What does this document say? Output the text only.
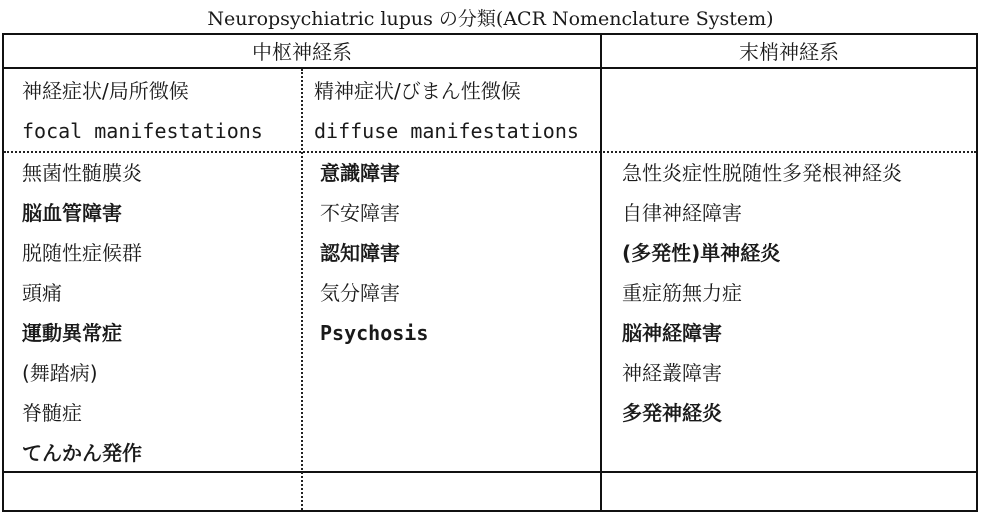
Neuropsychiatric lupus の分類(ACR Nomenclature System)
中枢神経系	末梢神経系
神経症状/局所徴候
focal manifestations
精神症状/びまん性徴候
diffuse manifestations
無菌性髄膜炎
脳血管障害
脱随性症候群
頭痛
運動異常症
(舞踏病)
脊髄症
てんかん発作
意識障害
不安障害
認知障害
気分障害
Psychosis
急性炎症性脱随性多発根神経炎
自律神経障害
(多発性)単神経炎
重症筋無力症
脳神経障害
神経叢障害
多発神経炎
